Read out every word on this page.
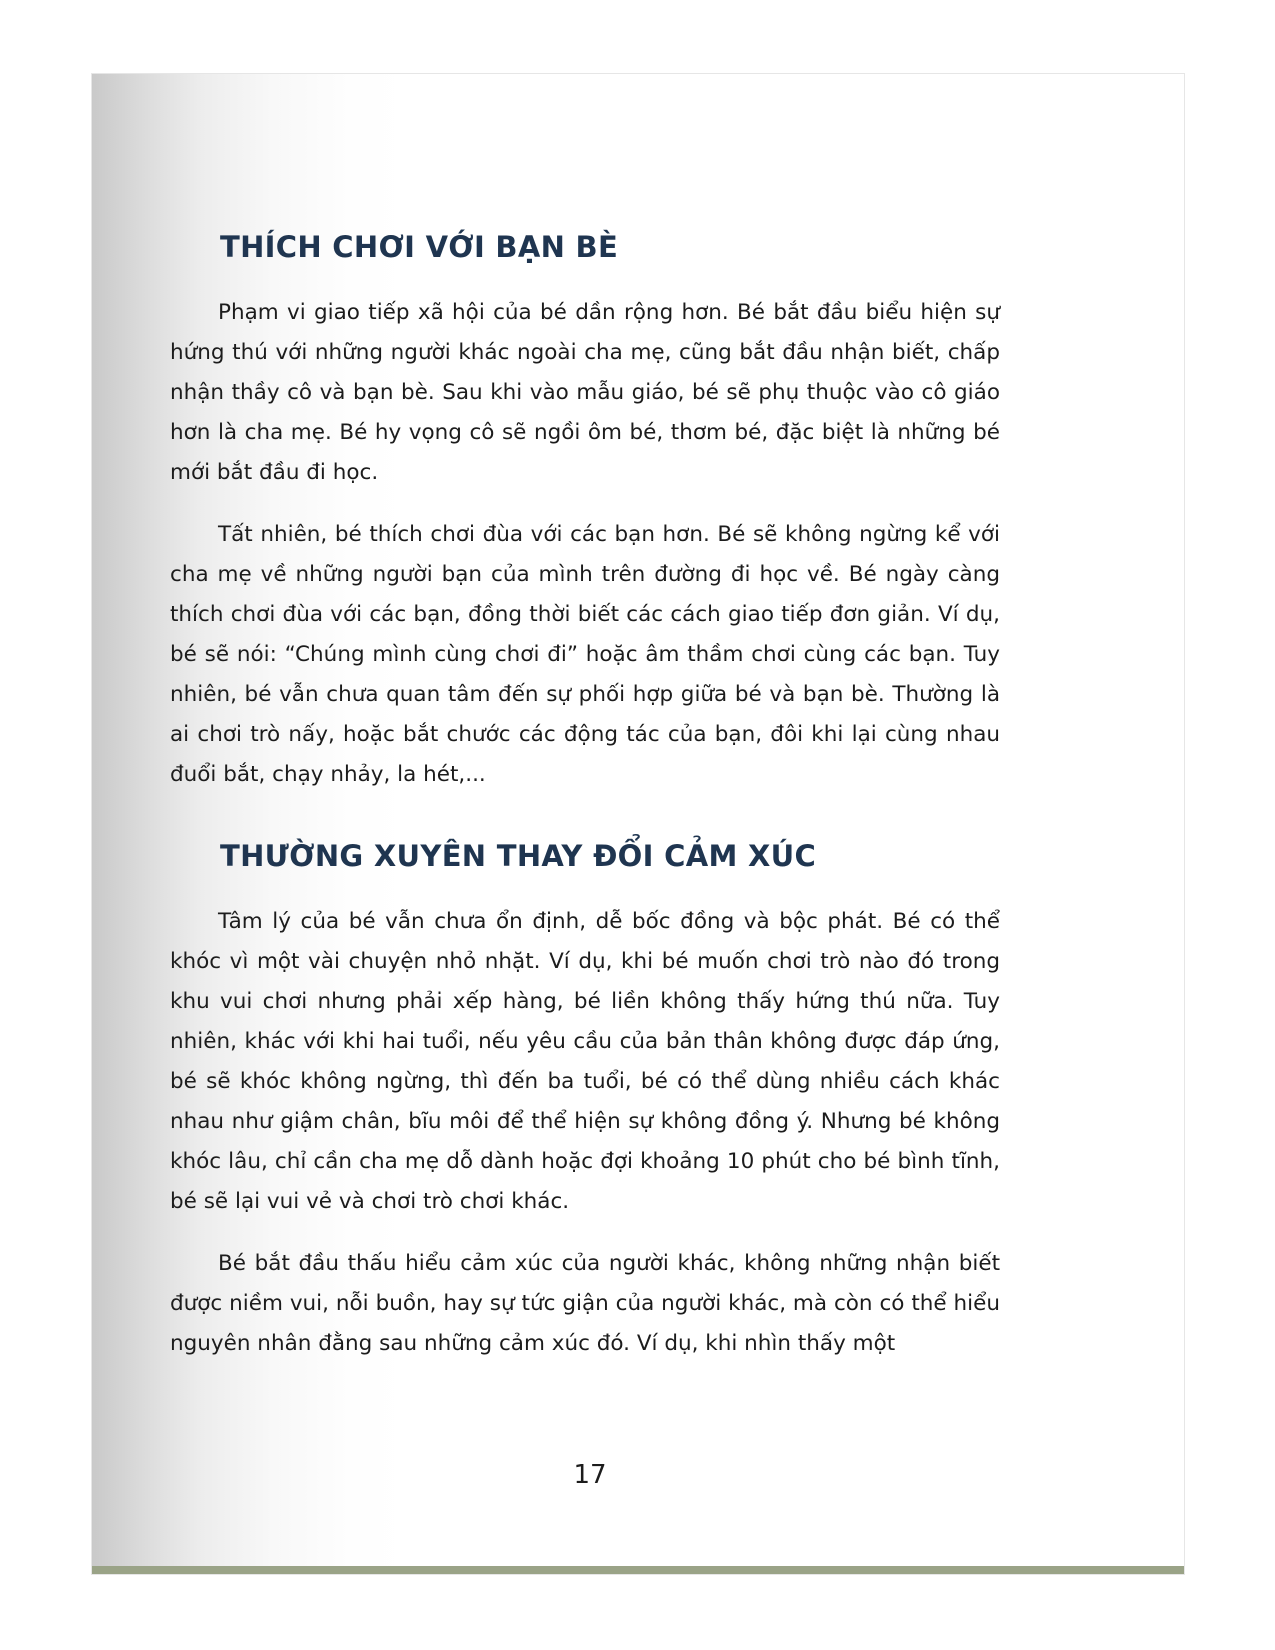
THÍCH CHƠI VỚI BẠN BÈ

Phạm vi giao tiếp xã hội của bé dần rộng hơn. Bé bắt đầu biểu hiện sự hứng thú với những người khác ngoài cha mẹ, cũng bắt đầu nhận biết, chấp nhận thầy cô và bạn bè. Sau khi vào mẫu giáo, bé sẽ phụ thuộc vào cô giáo hơn là cha mẹ. Bé hy vọng cô sẽ ngồi ôm bé, thơm bé, đặc biệt là những bé mới bắt đầu đi học.

Tất nhiên, bé thích chơi đùa với các bạn hơn. Bé sẽ không ngừng kể với cha mẹ về những người bạn của mình trên đường đi học về. Bé ngày càng thích chơi đùa với các bạn, đồng thời biết các cách giao tiếp đơn giản. Ví dụ, bé sẽ nói: “Chúng mình cùng chơi đi” hoặc âm thầm chơi cùng các bạn. Tuy nhiên, bé vẫn chưa quan tâm đến sự phối hợp giữa bé và bạn bè. Thường là ai chơi trò nấy, hoặc bắt chước các động tác của bạn, đôi khi lại cùng nhau đuổi bắt, chạy nhảy, la hét,...

THƯỜNG XUYÊN THAY ĐỔI CẢM XÚC

Tâm lý của bé vẫn chưa ổn định, dễ bốc đồng và bộc phát. Bé có thể khóc vì một vài chuyện nhỏ nhặt. Ví dụ, khi bé muốn chơi trò nào đó trong khu vui chơi nhưng phải xếp hàng, bé liền không thấy hứng thú nữa. Tuy nhiên, khác với khi hai tuổi, nếu yêu cầu của bản thân không được đáp ứng, bé sẽ khóc không ngừng, thì đến ba tuổi, bé có thể dùng nhiều cách khác nhau như giậm chân, bĩu môi để thể hiện sự không đồng ý. Nhưng bé không khóc lâu, chỉ cần cha mẹ dỗ dành hoặc đợi khoảng 10 phút cho bé bình tĩnh, bé sẽ lại vui vẻ và chơi trò chơi khác.

Bé bắt đầu thấu hiểu cảm xúc của người khác, không những nhận biết được niềm vui, nỗi buồn, hay sự tức giận của người khác, mà còn có thể hiểu nguyên nhân đằng sau những cảm xúc đó. Ví dụ, khi nhìn thấy một

17
